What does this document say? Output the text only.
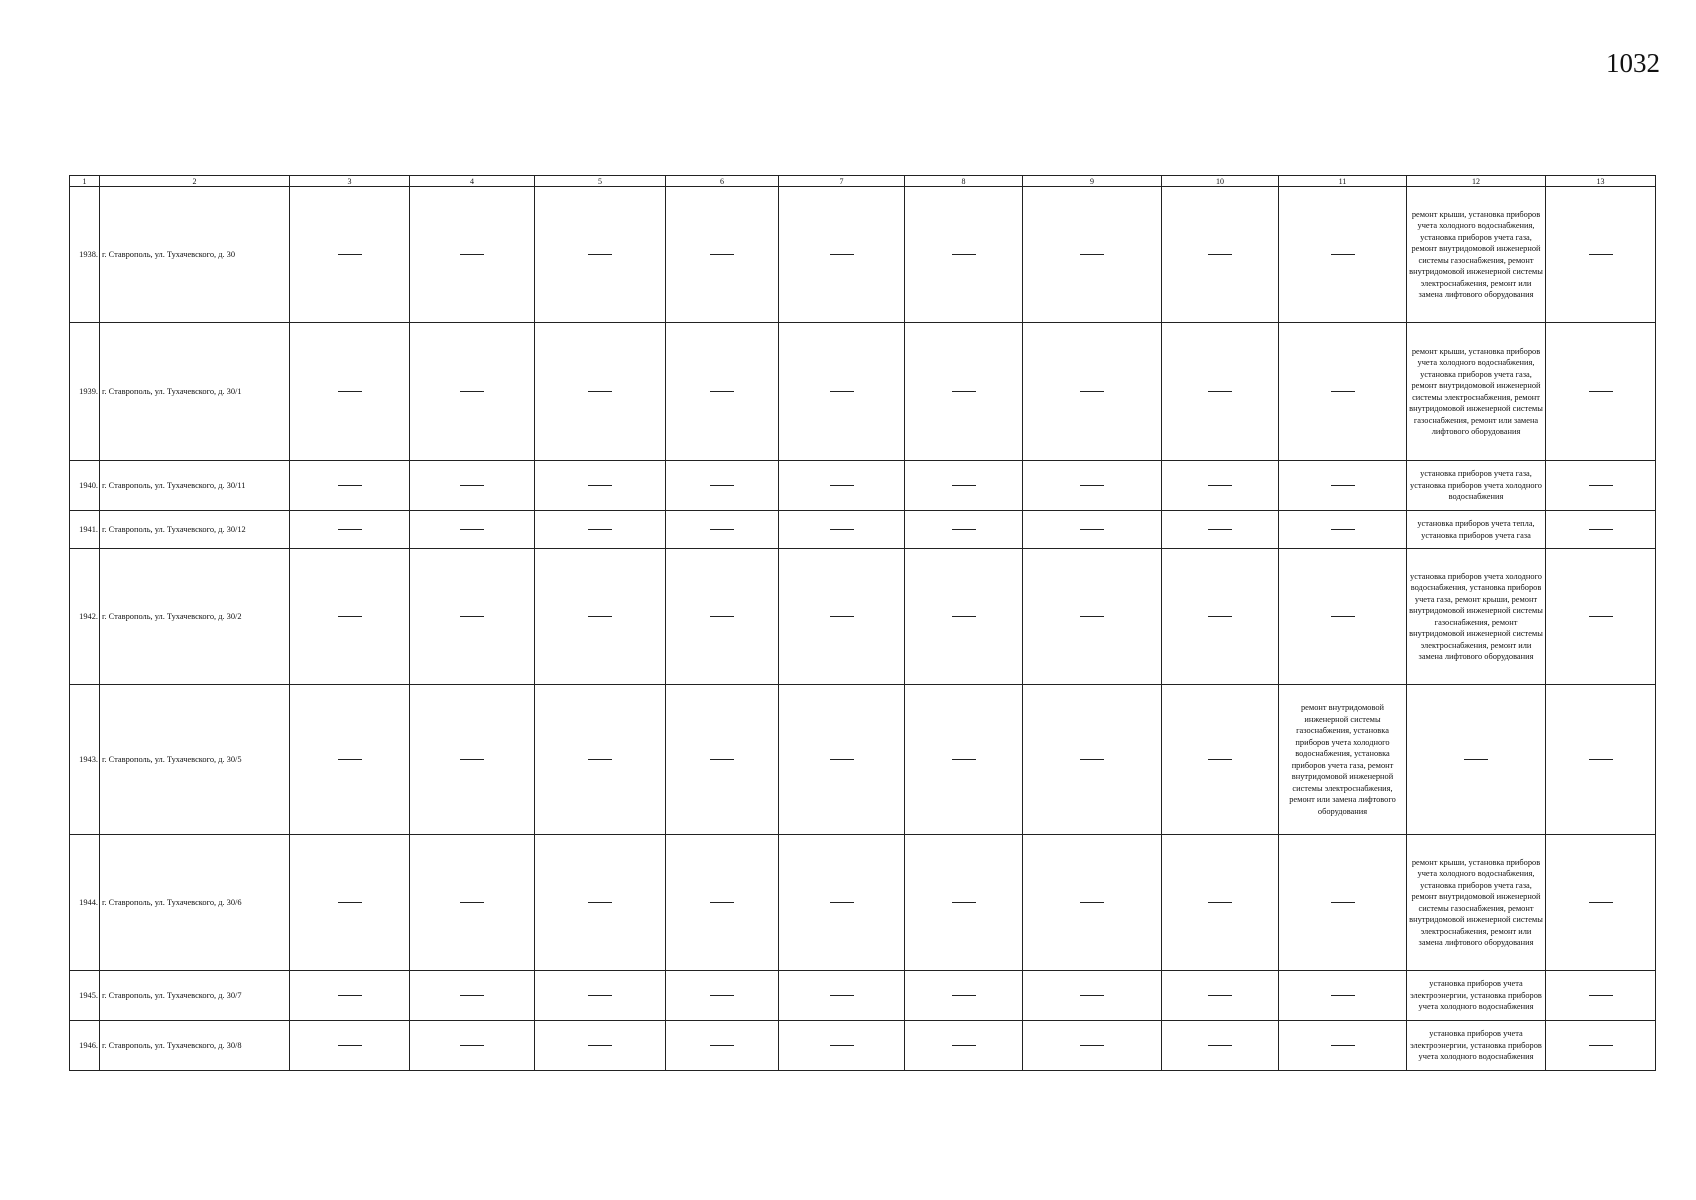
1032
1	2	3	4	5	6	7	8	9	10	11	12	13
1938.	г. Ставрополь, ул. Тухачевского, д. 30										ремонт крыши, установка приборов учета холодного водоснабжения, установка приборов учета газа, ремонт внутридомовой инженерной системы газоснабжения, ремонт внутридомовой инженерной системы электроснабжения, ремонт или замена лифтового оборудования	
1939.	г. Ставрополь, ул. Тухачевского, д. 30/1										ремонт крыши, установка приборов учета холодного водоснабжения, установка приборов учета газа, ремонт внутридомовой инженерной системы электроснабжения, ремонт внутридомовой инженерной системы газоснабжения, ремонт или замена лифтового оборудования	
1940.	г. Ставрополь, ул. Тухачевского, д. 30/11										установка приборов учета газа, установка приборов учета холодного водоснабжения	
1941.	г. Ставрополь, ул. Тухачевского, д. 30/12										установка приборов учета тепла, установка приборов учета газа	
1942.	г. Ставрополь, ул. Тухачевского, д. 30/2										установка приборов учета холодного водоснабжения, установка приборов учета газа, ремонт крыши, ремонт внутридомовой инженерной системы газоснабжения, ремонт внутридомовой инженерной системы электроснабжения, ремонт или замена лифтового оборудования	
1943.	г. Ставрополь, ул. Тухачевского, д. 30/5									ремонт внутридомовой инженерной системы газоснабжения, установка приборов учета холодного водоснабжения, установка приборов учета газа, ремонт внутридомовой инженерной системы электроснабжения, ремонт или замена лифтового оборудования		
1944.	г. Ставрополь, ул. Тухачевского, д. 30/6										ремонт крыши, установка приборов учета холодного водоснабжения, установка приборов учета газа, ремонт внутридомовой инженерной системы газоснабжения, ремонт внутридомовой инженерной системы электроснабжения, ремонт или замена лифтового оборудования	
1945.	г. Ставрополь, ул. Тухачевского, д. 30/7										установка приборов учета электроэнергии, установка приборов учета холодного водоснабжения	
1946.	г. Ставрополь, ул. Тухачевского, д. 30/8										установка приборов учета электроэнергии, установка приборов учета холодного водоснабжения	
